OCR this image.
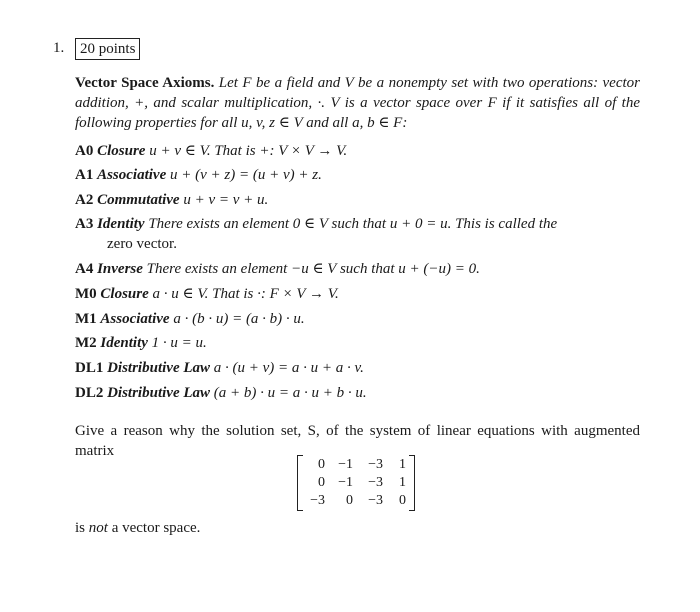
1.	20 points
Vector Space Axioms. Let F be a field and V be a nonempty set with two operations: vector addition, +, and scalar multiplication, ·. V is a vector space over F if it satisfies all of the following properties for all u, v, z ∈ V and all a, b ∈ F:
A0 Closure u + v ∈ V. That is +: V × V → V.
A1 Associative u + (v + z) = (u + v) + z.
A2 Commutative u + v = v + u.
A3 Identity There exists an element 0 ∈ V such that u + 0 = u. This is called the
zero vector.
A4 Inverse There exists an element −u ∈ V such that u + (−u) = 0.
M0 Closure a · u ∈ V. That is ·: F × V → V.
M1 Associative a · (b · u) = (a · b) · u.
M2 Identity 1 · u = u.
DL1 Distributive Law a · (u + v) = a · u + a · v.
DL2 Distributive Law (a + b) · u = a · u + b · u.
Give a reason why the solution set, S, of the system of linear equations with augmented matrix
0 −1	−3	1
0 −1	−3	1
−3	0	−3	0
is not a vector space.
